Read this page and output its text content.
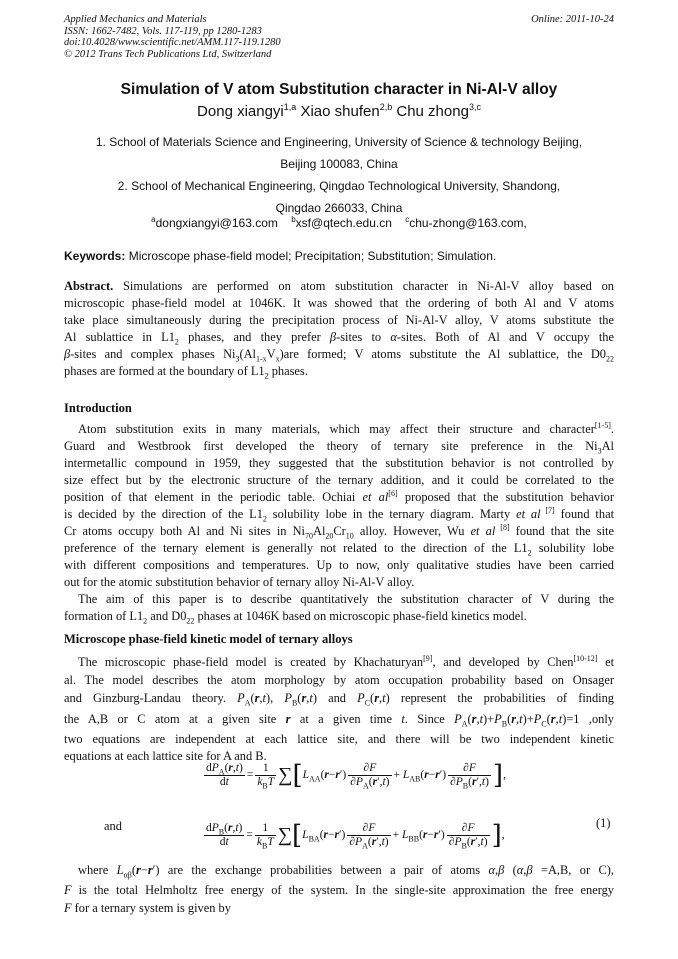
Applied Mechanics and Materials
ISSN: 1662-7482, Vols. 117-119, pp 1280-1283
doi:10.4028/www.scientific.net/AMM.117-119.1280
© 2012 Trans Tech Publications Ltd, Switzerland
Online: 2011-10-24
Simulation of V atom Substitution character in Ni-Al-V alloy
Dong xiangyi$^{1,a}$ Xiao shufen$^{2,b}$ Chu zhong$^{3,c}$
1. School of Materials Science and Engineering, University of Science & technology Beijing,
Beijing 100083, China
2. School of Mechanical Engineering, Qingdao Technological University, Shandong,
Qingdao 266033, China
$^a$dongxiangyi@163.com $^b$xsf@qtech.edu.cn $^c$chu-zhong@163.com,
Keywords: Microscope phase-field model; Precipitation; Substitution; Simulation.
Abstract. Simulations are performed on atom substitution character in Ni-Al-V alloy based on
microscopic phase-field model at 1046K. It was showed that the ordering of both Al and V atoms
take place simultaneously during the precipitation process of Ni-Al-V alloy, V atoms substitute the
Al sublattice in $L1_2$ phases, and they prefer β-sites to α-sites. Both of Al and V occupy the
β-sites and complex phases $Ni_3(Al_{1-x}V_x)are$ formed; V atoms substitute the Al sublattice, the $D0_{22}$
phases are formed at the boundary of $L1_2$ phases.
Introduction
Atom substitution exits in many materials, which may affect their structure and character[1-5].
Guard and Westbrook first developed the theory of ternary site preference in the $Ni_3Al$
intermetallic compound in 1959, they suggested that the substitution behavior is not controlled by
size effect but by the electronic structure of the ternary addition, and it could be correlated to the
position of that element in the periodic table. Ochiai et al[6] proposed that the substitution behavior
is decided by the direction of the $L1_2$ solubility lobe in the ternary diagram. Marty et al [7] found that
Cr atoms occupy both Al and Ni sites in $Ni_{70}Al_{20}Cr_{10}$ alloy. However, Wu et al [8] found that the site
preference of the ternary element is generally not related to the direction of the $L1_2$ solubility lobe
with different compositions and temperatures. Up to now, only qualitative studies have been carried
out for the atomic substitution behavior of ternary alloy Ni-Al-V alloy.
The aim of this paper is to describe quantitatively the substitution character of V during the
formation of $L1_2$ and $D0_{22}$ phases at 1046K based on microscopic phase-field kinetics model.
Microscope phase-field kinetic model of ternary alloys
The microscopic phase-field model is created by Khachaturyan[9], and developed by Chen[10-12] et
al. The model describes the atom morphology by atom occupation probability based on Onsager
and Ginzburg-Landau theory. $P_A(r,t)$, $P_B(r,t)$ and $P_C(r,t)$ represent the probabilities of finding
the A,B or C atom at a given site r at a given time t. Since $P_A(r,t)+P_B(r,t)+P_C(r,t)=1$ ,only
two equations are independent at each lattice site, and there will be two independent kinetic
equations at each lattice site for A and B.
$\frac{dP_A(r,t)}{dt} = \frac{1}{k_BT} \sum[L_{AA}(r-r') \frac{\partial F}{\partial P_A(r',t)} + L_{AB}(r-r') \frac{\partial F}{\partial P_B(r',t)}$ ],
and	$\frac{dP_B(r,t)}{dt} = \frac{1}{k_BT} \sum[L_{BA}(r-r') \frac{\partial F}{\partial P_A(r',t)} + L_{BB}(r-r') \frac{\partial F}{\partial P_B(r',t)}$ ],
(1)
where $L_{\alpha\beta}(r-r')$ are the exchange probabilities between a pair of atoms α,β (α,β =A,B, or C),
F is the total Helmholtz free energy of the system. In the single-site approximation the free energy
F for a ternary system is given by
